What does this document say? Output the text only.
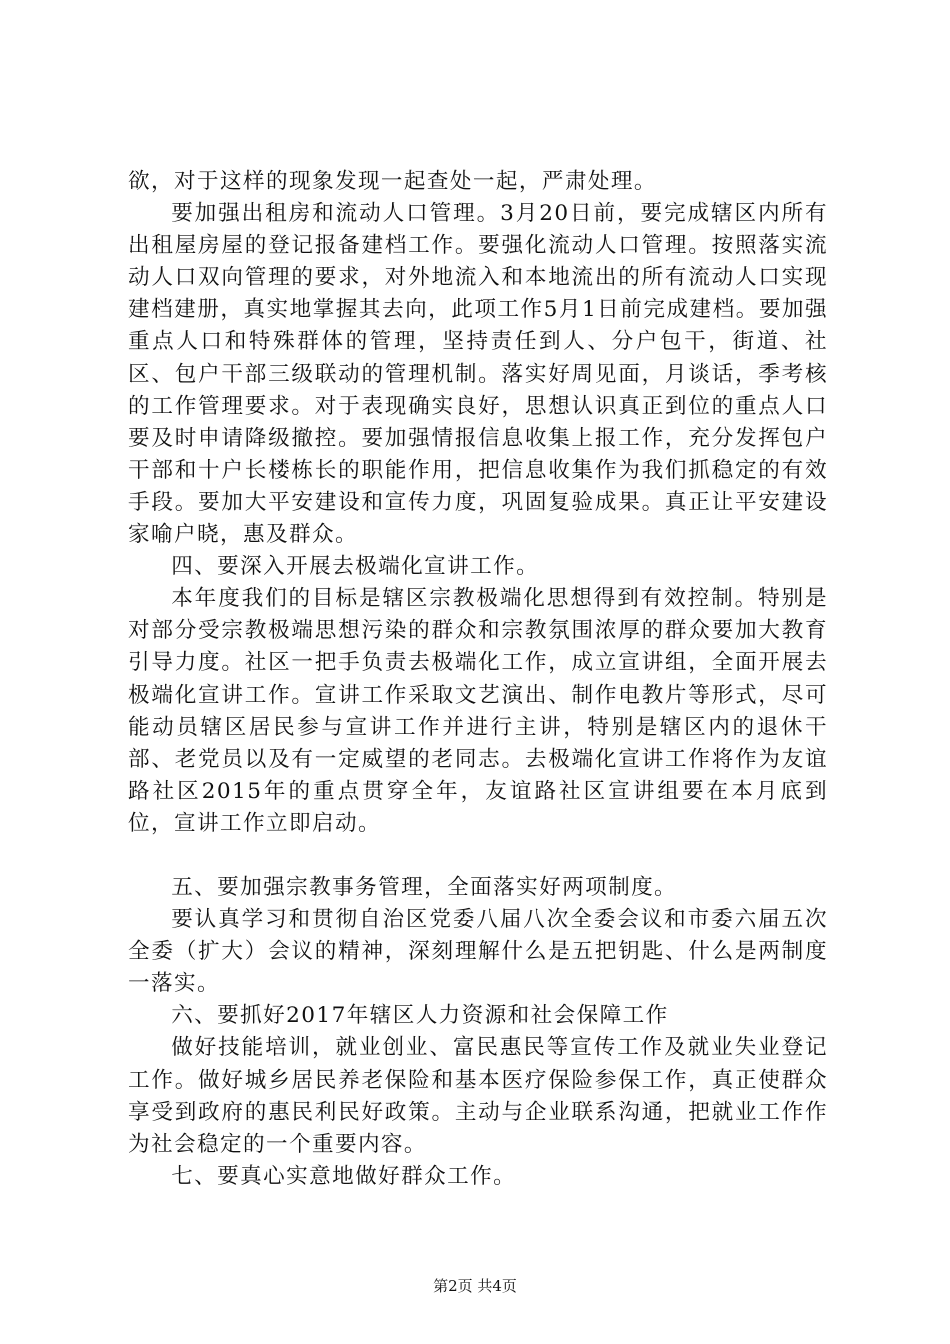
欲，对于这样的现象发现一起查处一起，严肃处理。

要加强出租房和流动人口管理。3月20日前，要完成辖区内所有出租屋房屋的登记报备建档工作。要强化流动人口管理。按照落实流动人口双向管理的要求，对外地流入和本地流出的所有流动人口实现建档建册，真实地掌握其去向，此项工作5月1日前完成建档。要加强重点人口和特殊群体的管理，坚持责任到人、分户包干，街道、社区、包户干部三级联动的管理机制。落实好周见面，月谈话，季考核的工作管理要求。对于表现确实良好，思想认识真正到位的重点人口要及时申请降级撤控。要加强情报信息收集上报工作，充分发挥包户干部和十户长楼栋长的职能作用，把信息收集作为我们抓稳定的有效手段。要加大平安建设和宣传力度，巩固复验成果。真正让平安建设家喻户晓，惠及群众。

四、要深入开展去极端化宣讲工作。

本年度我们的目标是辖区宗教极端化思想得到有效控制。特别是对部分受宗教极端思想污染的群众和宗教氛围浓厚的群众要加大教育引导力度。社区一把手负责去极端化工作，成立宣讲组，全面开展去极端化宣讲工作。宣讲工作采取文艺演出、制作电教片等形式，尽可能动员辖区居民参与宣讲工作并进行主讲，特别是辖区内的退休干部、老党员以及有一定威望的老同志。去极端化宣讲工作将作为友谊路社区2015年的重点贯穿全年，友谊路社区宣讲组要在本月底到位，宣讲工作立即启动。

五、要加强宗教事务管理，全面落实好两项制度。

要认真学习和贯彻自治区党委八届八次全委会议和市委六届五次全委（扩大）会议的精神，深刻理解什么是五把钥匙、什么是两制度一落实。

六、要抓好2017年辖区人力资源和社会保障工作

做好技能培训，就业创业、富民惠民等宣传工作及就业失业登记工作。做好城乡居民养老保险和基本医疗保险参保工作，真正使群众享受到政府的惠民利民好政策。主动与企业联系沟通，把就业工作作为社会稳定的一个重要内容。

七、要真心实意地做好群众工作。

第2页 共4页
